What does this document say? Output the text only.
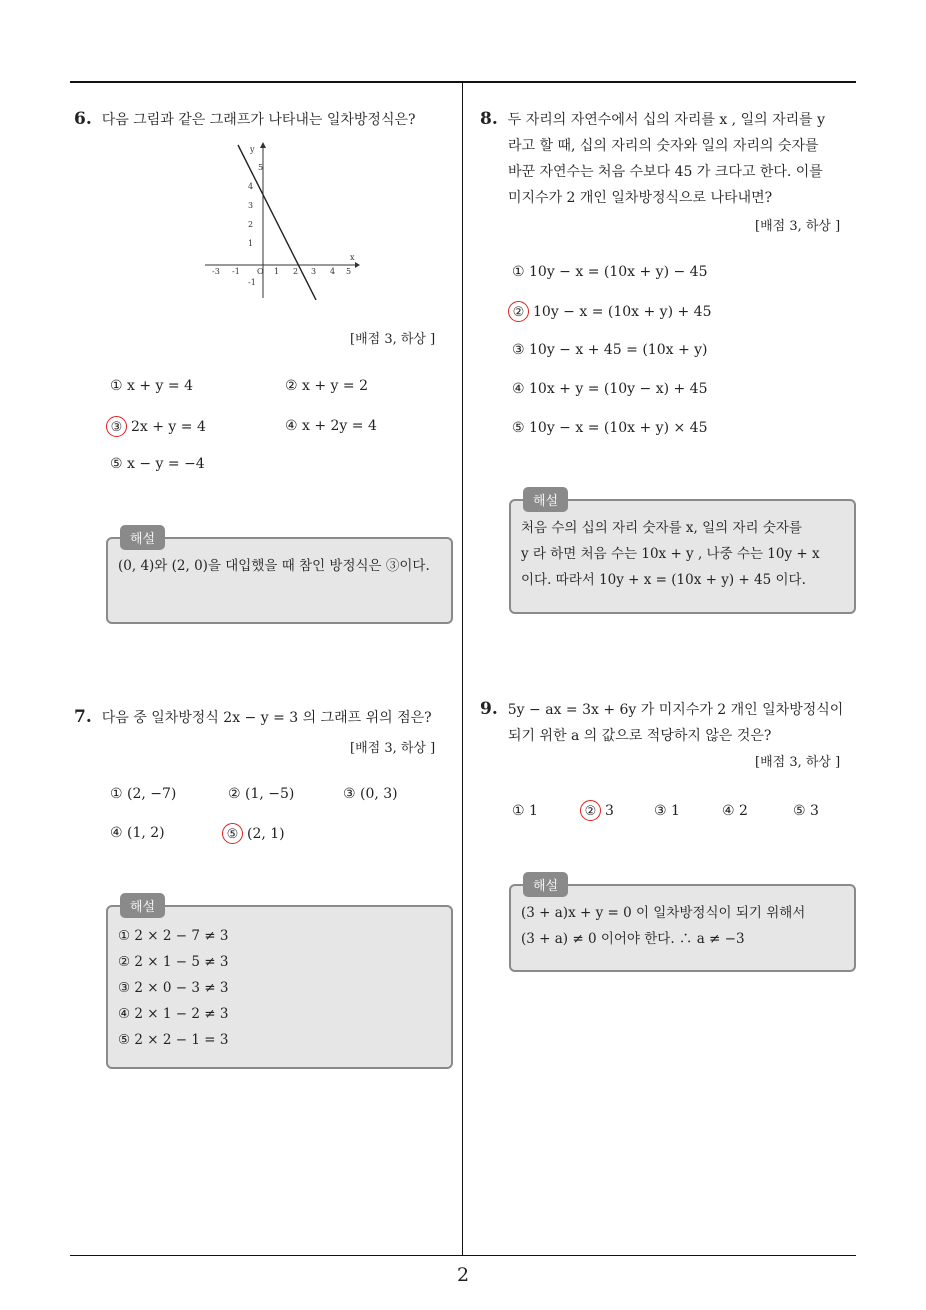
2
6. 다음 그림과 같은 그래프가 나타내는 일차방정식은?
-3 -1 O 1 2 3 4 5
5
4
3
2
1
-1
y
x
[배점 3, 하상 ]
① x + y = 4	② x + y = 2
③ 2x + y = 4	④ x + 2y = 4
⑤ x − y = −4
해설
(0, 4)와 (2, 0)을 대입했을 때 참인 방정식은 ③이다.
7. 다음 중 일차방정식 2x − y = 3 의 그래프 위의 점은?
[배점 3, 하상 ]
① (2, −7)	② (1, −5)	③ (0, 3)
④ (1, 2)	⑤ (2, 1)
해설
① 2 × 2 − 7 ≠ 3
② 2 × 1 − 5 ≠ 3
③ 2 × 0 − 3 ≠ 3
④ 2 × 1 − 2 ≠ 3
⑤ 2 × 2 − 1 = 3
8. 두 자리의 자연수에서 십의 자리를 x , 일의 자리를 y
라고 할 때, 십의 자리의 숫자와 일의 자리의 숫자를
바꾼 자연수는 처음 수보다 45 가 크다고 한다. 이를
미지수가 2 개인 일차방정식으로 나타내면?
[배점 3, 하상 ]
① 10y − x = (10x + y) − 45
② 10y − x = (10x + y) + 45
③ 10y − x + 45 = (10x + y)
④ 10x + y = (10y − x) + 45
⑤ 10y − x = (10x + y) × 45
해설
처음 수의 십의 자리 숫자를 x, 일의 자리 숫자를
y 라 하면 처음 수는 10x + y , 나중 수는 10y + x
이다. 따라서 10y + x = (10x + y) + 45 이다.
9. 5y − ax = 3x + 6y 가 미지수가 2 개인 일차방정식이
되기 위한 a 의 값으로 적당하지 않은 것은?
[배점 3, 하상 ]
① 1	② 3	③ 1	④ 2	⑤ 3
해설
(3 + a)x + y = 0 이 일차방정식이 되기 위해서
(3 + a) ≠ 0 이어야 한다. ∴ a ≠ −3
